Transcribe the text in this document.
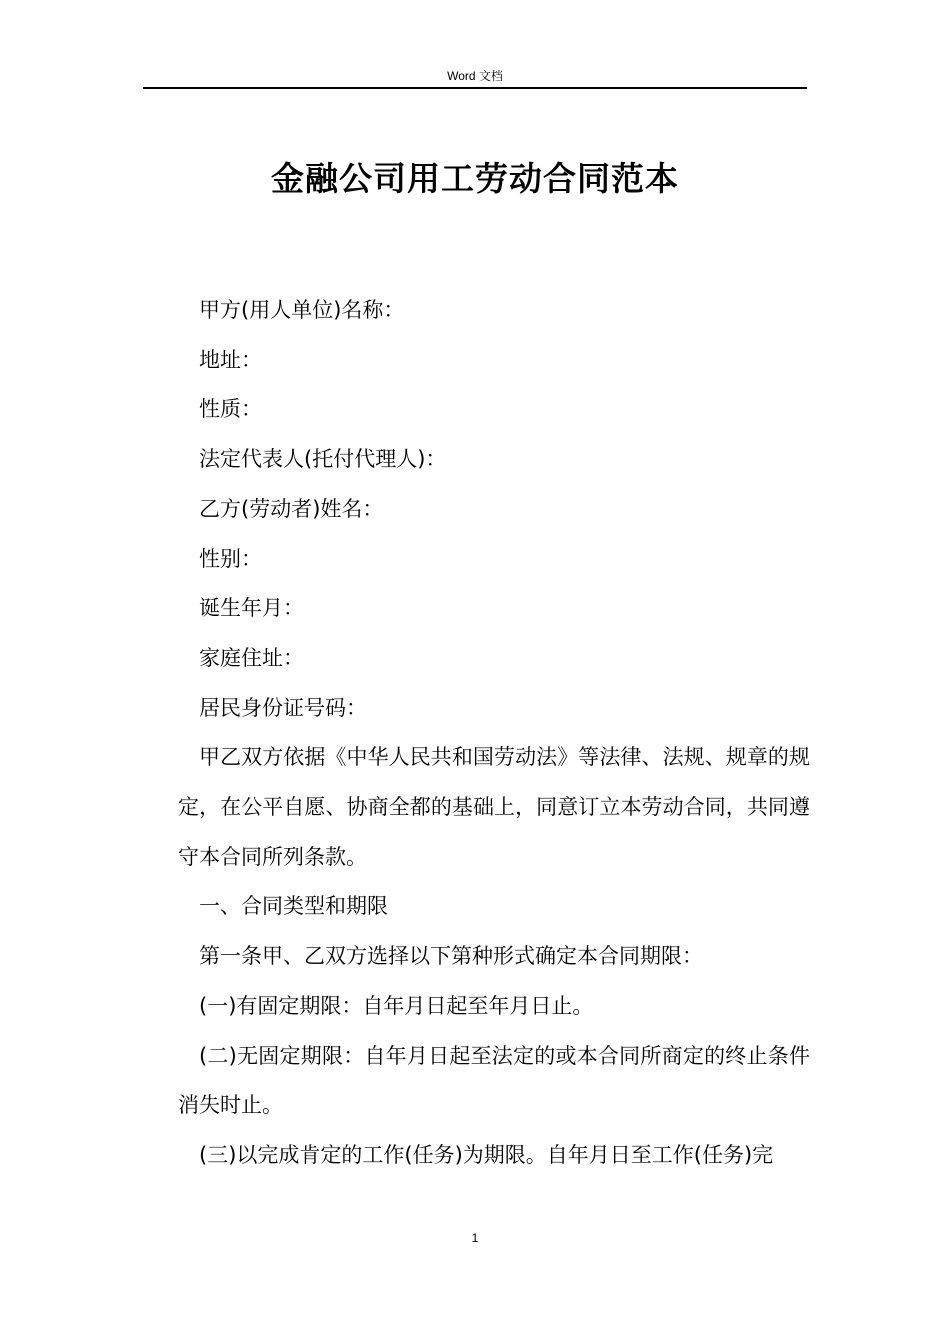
Word 文档
金融公司用工劳动合同范本

甲方(用人单位)名称：

地址：

性质：

法定代表人(托付代理人)：

乙方(劳动者)姓名：

性别：

诞生年月：

家庭住址：

居民身份证号码：

甲乙双方依据《中华人民共和国劳动法》等法律、法规、规章的规定，在公平自愿、协商全都的基础上，同意订立本劳动合同，共同遵守本合同所列条款。

一、合同类型和期限

第一条甲、乙双方选择以下第种形式确定本合同期限：

(一)有固定期限：自年月日起至年月日止。

(二)无固定期限：自年月日起至法定的或本合同所商定的终止条件消失时止。

(三)以完成肯定的工作(任务)为期限。自年月日至工作(任务)完

1
